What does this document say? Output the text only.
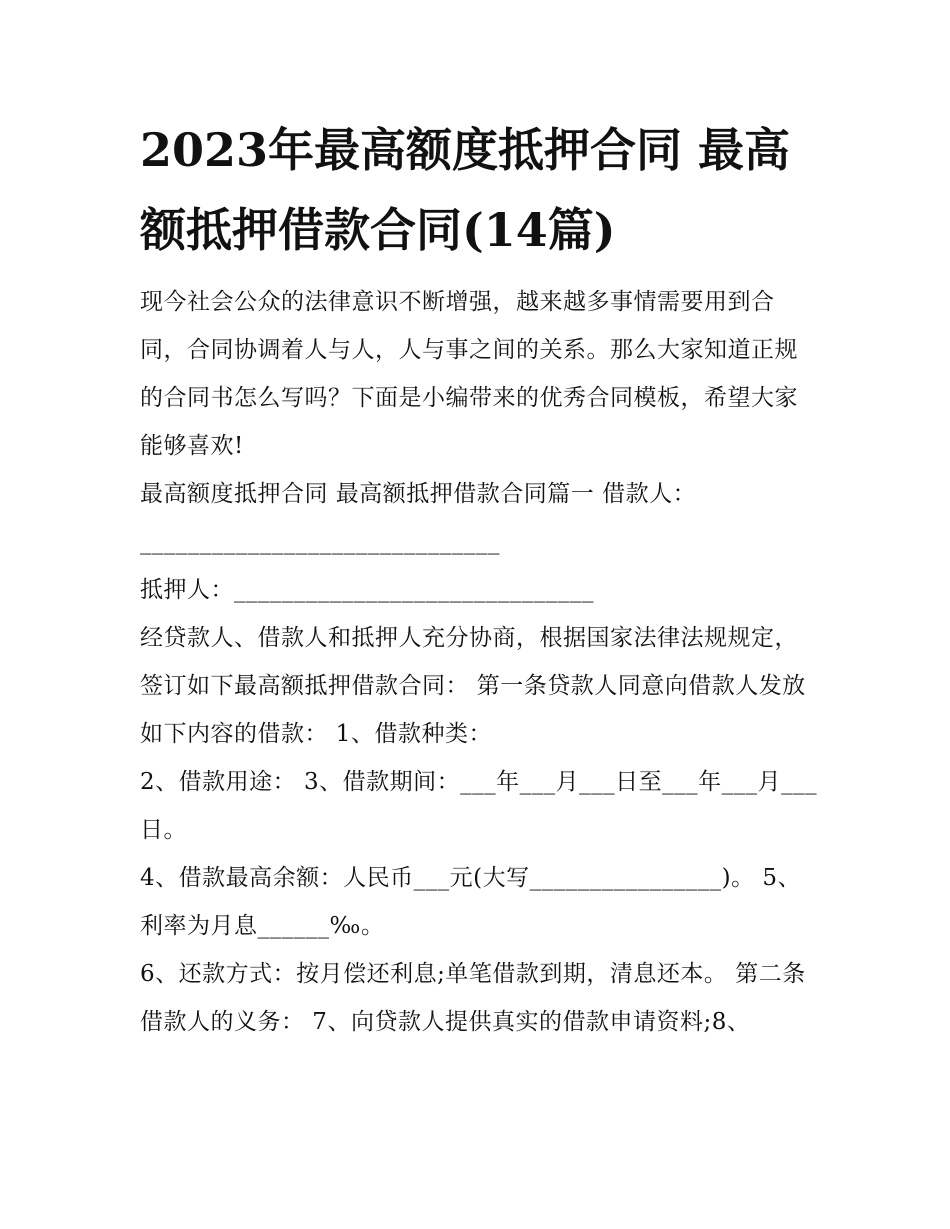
2023年最高额度抵押合同 最高额抵押借款合同(14篇)

现今社会公众的法律意识不断增强，越来越多事情需要用到合同，合同协调着人与人，人与事之间的关系。那么大家知道正规的合同书怎么写吗？下面是小编带来的优秀合同模板，希望大家能够喜欢!

最高额度抵押合同 最高额抵押借款合同篇一 借款人：

______________________________

抵押人：______________________________

经贷款人、借款人和抵押人充分协商，根据国家法律法规规定，签订如下最高额抵押借款合同： 第一条贷款人同意向借款人发放如下内容的借款： 1、借款种类：

2、借款用途： 3、借款期间：___年___月___日至___年___月___日。

4、借款最高余额：人民币___元(大写________________)。 5、利率为月息______‰。

6、还款方式：按月偿还利息;单笔借款到期，清息还本。 第二条借款人的义务： 7、向贷款人提供真实的借款申请资料;8、
